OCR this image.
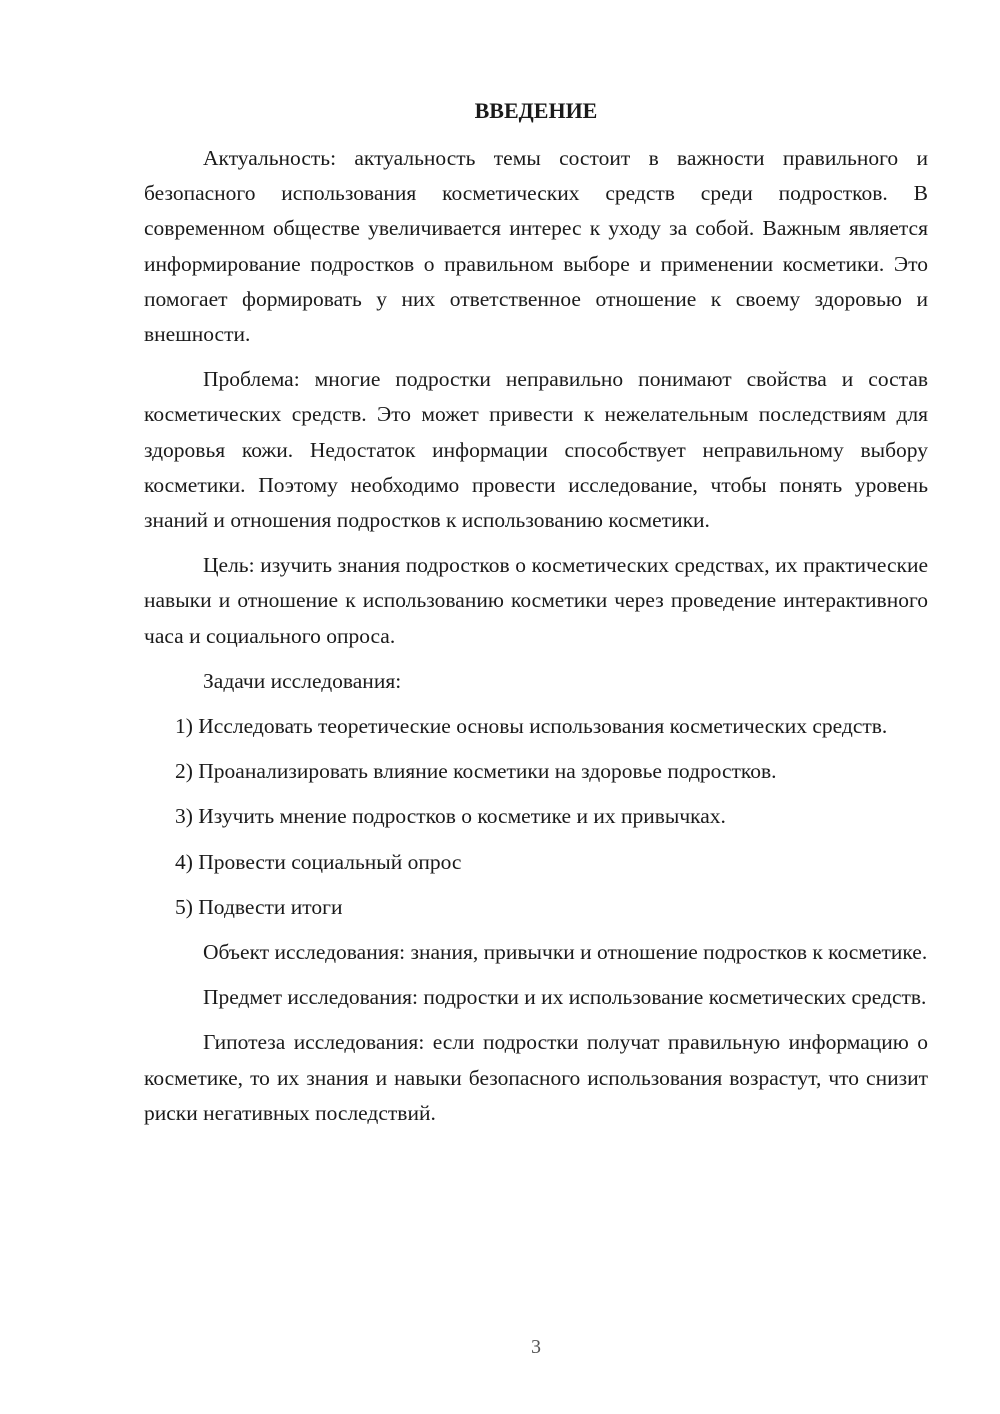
ВВЕДЕНИЕ

Актуальность: актуальность темы состоит в важности правильного и безопасного использования косметических средств среди подростков. В современном обществе увеличивается интерес к уходу за собой. Важным является информирование подростков о правильном выборе и применении косметики. Это помогает формировать у них ответственное отношение к своему здоровью и внешности.

Проблема: многие подростки неправильно понимают свойства и состав косметических средств. Это может привести к нежелательным последствиям для здоровья кожи. Недостаток информации способствует неправильному выбору косметики. Поэтому необходимо провести исследование, чтобы понять уровень знаний и отношения подростков к использованию косметики.

Цель: изучить знания подростков о косметических средствах, их практические навыки и отношение к использованию косметики через проведение интерактивного часа и социального опроса.

Задачи исследования:

1) Исследовать теоретические основы использования косметических средств.

2) Проанализировать влияние косметики на здоровье подростков.

3) Изучить мнение подростков о косметике и их привычках.

4) Провести социальный опрос

5) Подвести итоги

Объект исследования: знания, привычки и отношение подростков к косметике.

Предмет исследования: подростки и их использование косметических средств.

Гипотеза исследования: если подростки получат правильную информацию о косметике, то их знания и навыки безопасного использования возрастут, что снизит риски негативных последствий.

3
